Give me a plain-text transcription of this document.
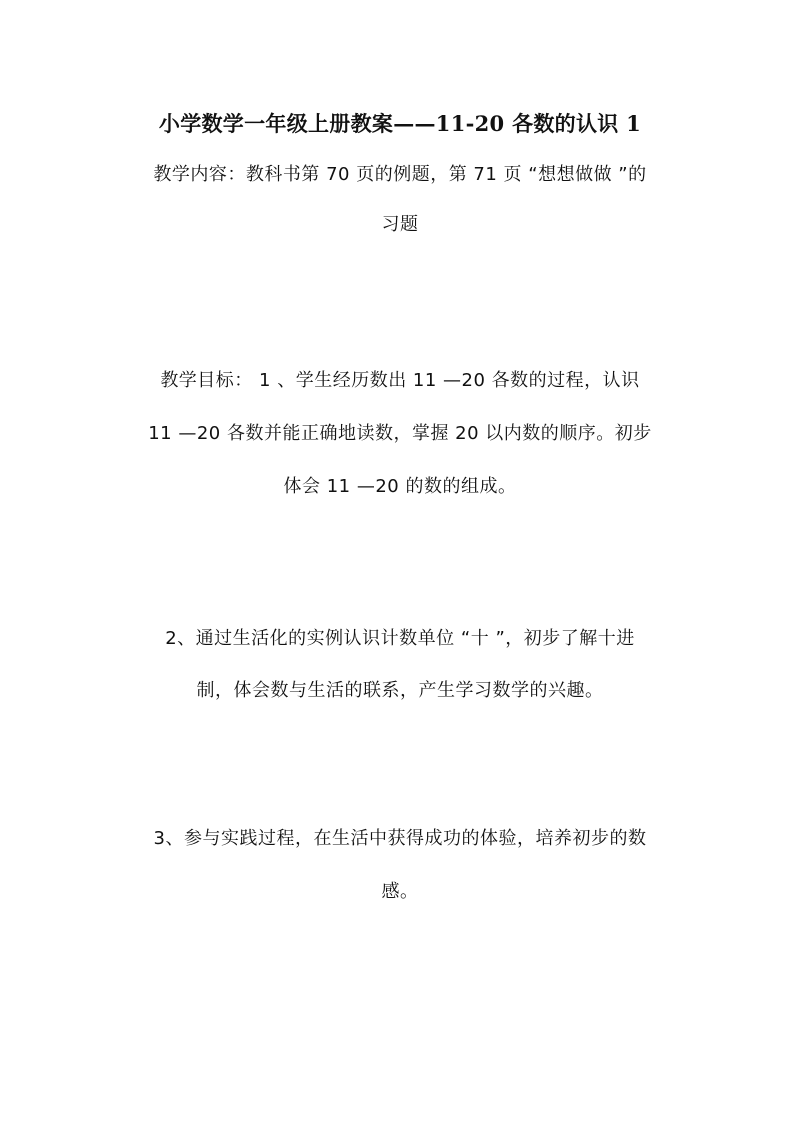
小学数学一年级上册教案——11-20 各数的认识 1
教学内容：教科书第 70 页的例题，第 71 页 “想想做做 ”的
习题
教学目标： 1 、学生经历数出 11 —20 各数的过程，认识
11 —20 各数并能正确地读数，掌握 20 以内数的顺序。初步
体会 11 —20 的数的组成。
2、通过生活化的实例认识计数单位 “十 ”，初步了解十进
制，体会数与生活的联系，产生学习数学的兴趣。
3、参与实践过程，在生活中获得成功的体验，培养初步的数
感。
